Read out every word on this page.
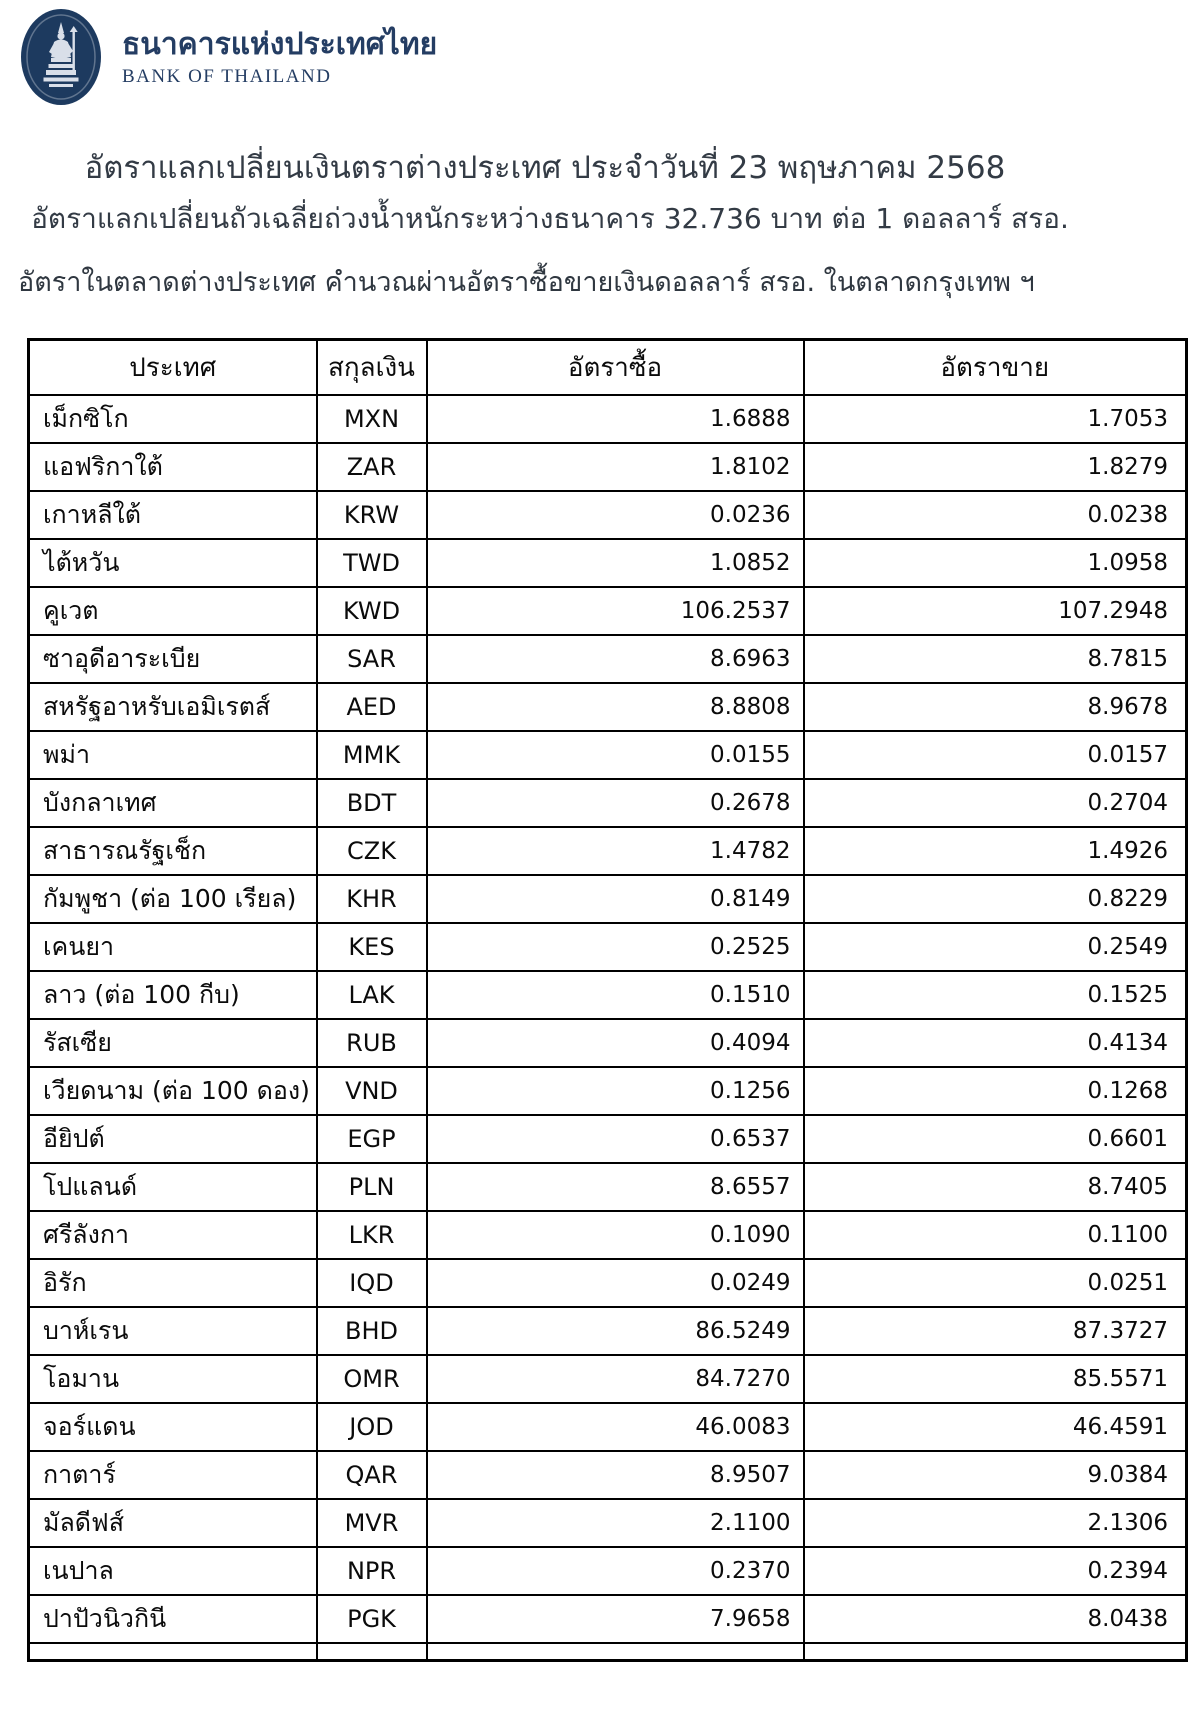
ธนาคารแห่งประเทศไทย
BANK OF THAILAND
อัตราแลกเปลี่ยนเงินตราต่างประเทศ ประจำวันที่ 23 พฤษภาคม 2568
อัตราแลกเปลี่ยนถัวเฉลี่ยถ่วงน้ำหนักระหว่างธนาคาร 32.736 บาท ต่อ 1 ดอลลาร์ สรอ.
อัตราในตลาดต่างประเทศ คำนวณผ่านอัตราซื้อขายเงินดอลลาร์ สรอ. ในตลาดกรุงเทพ ฯ
ประเทศ	สกุลเงิน	อัตราซื้อ	อัตราขาย
เม็กซิโก	MXN	1.6888	1.7053
แอฟริกาใต้	ZAR	1.8102	1.8279
เกาหลีใต้	KRW	0.0236	0.0238
ไต้หวัน	TWD	1.0852	1.0958
คูเวต	KWD	106.2537	107.2948
ซาอุดีอาระเบีย	SAR	8.6963	8.7815
สหรัฐอาหรับเอมิเรตส์	AED	8.8808	8.9678
พม่า	MMK	0.0155	0.0157
บังกลาเทศ	BDT	0.2678	0.2704
สาธารณรัฐเช็ก	CZK	1.4782	1.4926
กัมพูชา (ต่อ 100 เรียล)	KHR	0.8149	0.8229
เคนยา	KES	0.2525	0.2549
ลาว (ต่อ 100 กีบ)	LAK	0.1510	0.1525
รัสเซีย	RUB	0.4094	0.4134
เวียดนาม (ต่อ 100 ดอง)	VND	0.1256	0.1268
อียิปต์	EGP	0.6537	0.6601
โปแลนด์	PLN	8.6557	8.7405
ศรีลังกา	LKR	0.1090	0.1100
อิรัก	IQD	0.0249	0.0251
บาห์เรน	BHD	86.5249	87.3727
โอมาน	OMR	84.7270	85.5571
จอร์แดน	JOD	46.0083	46.4591
กาตาร์	QAR	8.9507	9.0384
มัลดีฟส์	MVR	2.1100	2.1306
เนปาล	NPR	0.2370	0.2394
ปาปัวนิวกินี	PGK	7.9658	8.0438
